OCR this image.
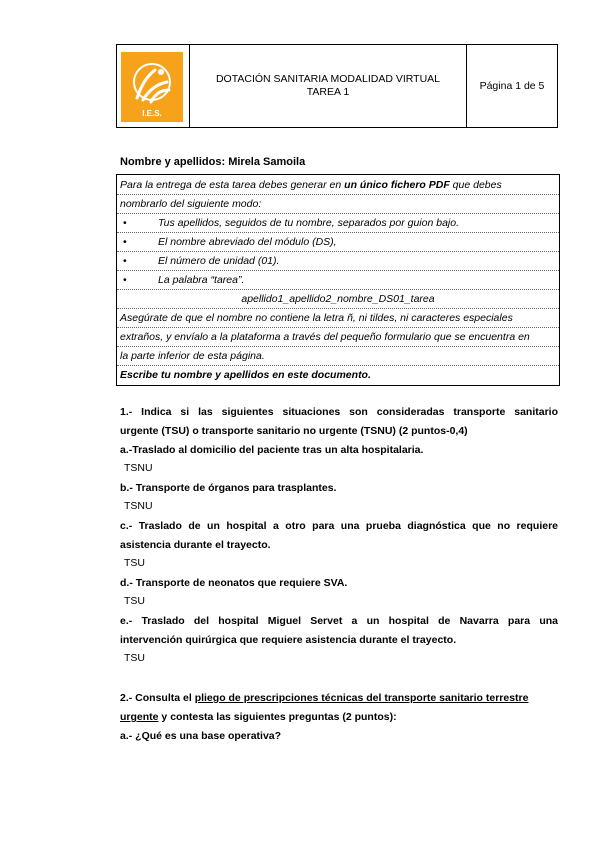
DOTACIÓN SANITARIA MODALIDAD VIRTUAL
TAREA 1	Página 1 de 5
I.E.S.
Nombre y apellidos: Mirela Samoila
Para la entrega de esta tarea debes generar en un único fichero PDF que debes
nombrarlo del siguiente modo:
•	Tus apellidos, seguidos de tu nombre, separados por guion bajo.
•	El nombre abreviado del módulo (DS),
•	El número de unidad (01).
•	La palabra “tarea”.
apellido1_apellido2_nombre_DS01_tarea
Asegúrate de que el nombre no contiene la letra ñ, ni tildes, ni caracteres especiales
extraños, y envíalo a la plataforma a través del pequeño formulario que se encuentra en
la parte inferior de esta página.
Escribe tu nombre y apellidos en este documento.
1.- Indica si las siguientes situaciones son consideradas transporte sanitario
urgente (TSU) o transporte sanitario no urgente (TSNU) (2 puntos-0,4)
a.-Traslado al domicilio del paciente tras un alta hospitalaria.
TSNU
b.- Transporte de órganos para trasplantes.
TSNU
c.- Traslado de un hospital a otro para una prueba diagnóstica que no requiere
asistencia durante el trayecto.
TSU
d.- Transporte de neonatos que requiere SVA.
TSU
e.- Traslado del hospital Miguel Servet a un hospital de Navarra para una
intervención quirúrgica que requiere asistencia durante el trayecto.
TSU
2.- Consulta el pliego de prescripciones técnicas del transporte sanitario terrestre
urgente y contesta las siguientes preguntas (2 puntos):
a.- ¿Qué es una base operativa?
